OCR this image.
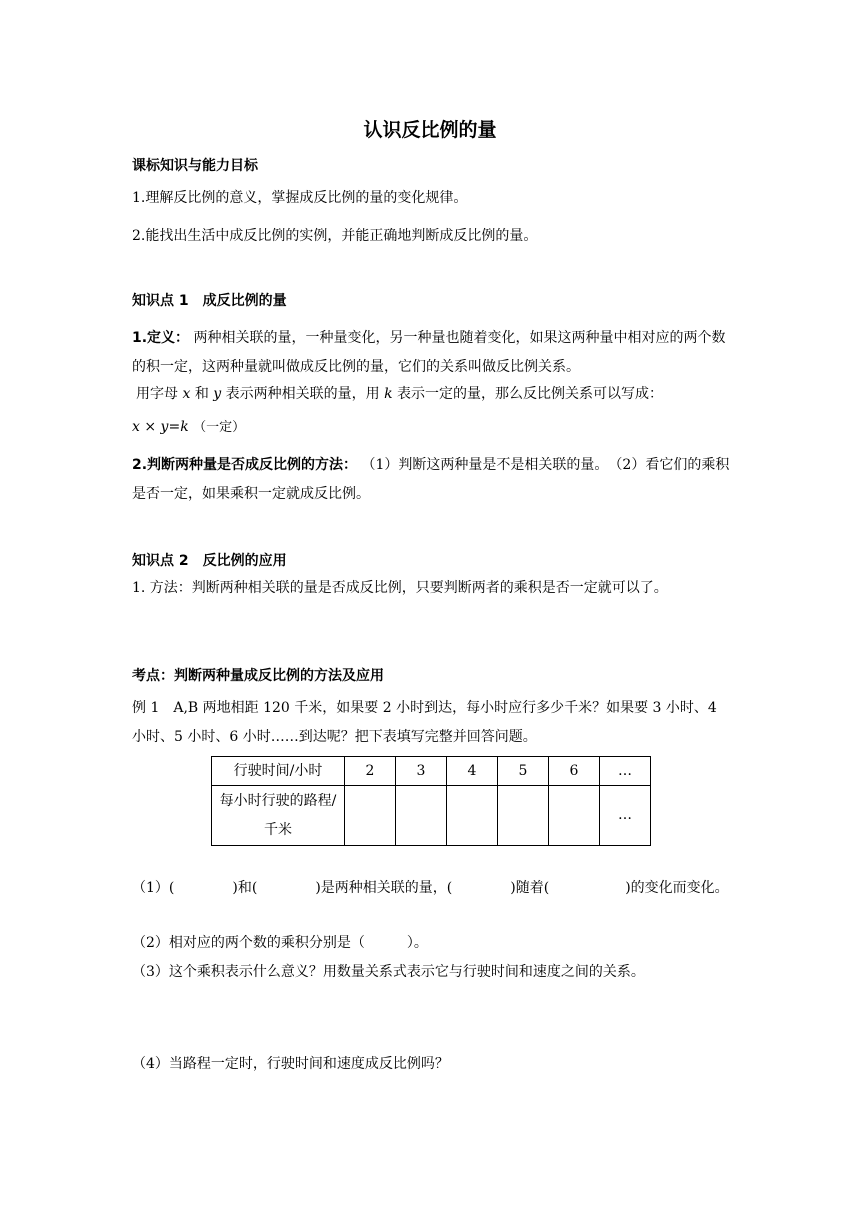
认识反比例的量
课标知识与能力目标
1.理解反比例的意义，掌握成反比例的量的变化规律。
2.能找出生活中成反比例的实例，并能正确地判断成反比例的量。
知识点 1　成反比例的量
1.定义： 两种相关联的量，一种量变化，另一种量也随着变化，如果这两种量中相对应的两个数的积一定，这两种量就叫做成反比例的量，它们的关系叫做反比例关系。
用字母 x 和 y 表示两种相关联的量，用 k 表示一定的量，那么反比例关系可以写成：
x × y=k （一定）
2.判断两种量是否成反比例的方法： （1）判断这两种量是不是相关联的量。　（2）看它们的乘积是否一定，如果乘积一定就成反比例。
知识点 2　反比例的应用
1. 方法：判断两种相关联的量是否成反比例，只要判断两者的乘积是否一定就可以了。
考点：判断两种量成反比例的方法及应用
例 1　A,B 两地相距 120 千米，如果要 2 小时到达，每小时应行多少千米？如果要 3 小时、4 小时、5 小时、6 小时……到达呢？把下表填写完整并回答问题。
行驶时间/小时	2	3	4	5	6	…
每小时行驶的路程/千米						…
（1）(	)和(	)是两种相关联的量，(	)随着(	)的变化而变化。
（2）相对应的两个数的乘积分别是（　　　）。
（3）这个乘积表示什么意义？用数量关系式表示它与行驶时间和速度之间的关系。
（4）当路程一定时，行驶时间和速度成反比例吗？
